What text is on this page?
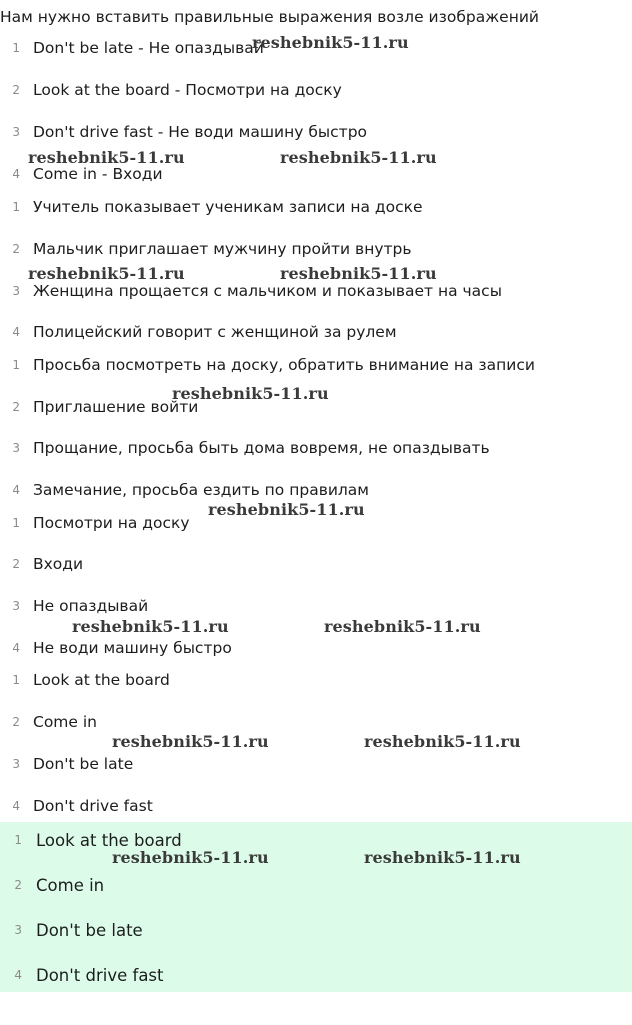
Нам нужно вставить правильные выражения возле изображений
1 Don't be late - Не опаздывай
2 Look at the board - Посмотри на доску
3 Don't drive fast - Не води машину быстро
4 Come in - Входи
1 Учитель показывает ученикам записи на доске
2 Мальчик приглашает мужчину пройти внутрь
3 Женщина прощается с мальчиком и показывает на часы
4 Полицейский говорит с женщиной за рулем
1 Просьба посмотреть на доску, обратить внимание на записи
2 Приглашение войти
3 Прощание, просьба быть дома вовремя, не опаздывать
4 Замечание, просьба ездить по правилам
1 Посмотри на доску
2 Входи
3 Не опаздывай
4 Не води машину быстро
1 Look at the board
2 Come in
3 Don't be late
4 Don't drive fast
1 Look at the board
2 Come in
3 Don't be late
4 Don't drive fast
reshebnik5-11.ru
reshebnik5-11.ru	reshebnik5-11.ru
reshebnik5-11.ru	reshebnik5-11.ru
reshebnik5-11.ru
reshebnik5-11.ru
reshebnik5-11.ru	reshebnik5-11.ru
reshebnik5-11.ru	reshebnik5-11.ru
reshebnik5-11.ru	reshebnik5-11.ru
